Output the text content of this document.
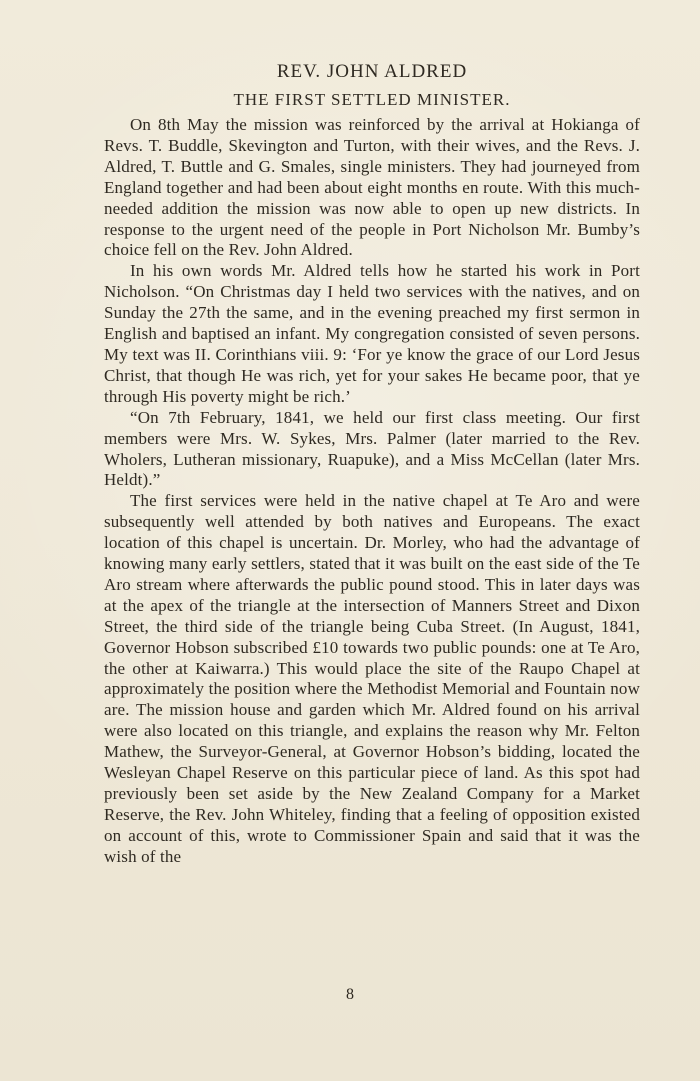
REV. JOHN ALDRED
THE FIRST SETTLED MINISTER.

On 8th May the mission was reinforced by the arrival at Hokianga of Revs. T. Buddle, Skevington and Turton, with their wives, and the Revs. J. Aldred, T. Buttle and G. Smales, single ministers. They had journeyed from England together and had been about eight months en route. With this much-needed addition the mission was now able to open up new districts. In response to the urgent need of the people in Port Nicholson Mr. Bumby’s choice fell on the Rev. John Aldred.

In his own words Mr. Aldred tells how he started his work in Port Nicholson. “On Christmas day I held two services with the natives, and on Sunday the 27th the same, and in the evening preached my first sermon in English and baptised an infant. My congregation consisted of seven persons. My text was II. Corinthians viii. 9: ‘For ye know the grace of our Lord Jesus Christ, that though He was rich, yet for your sakes He became poor, that ye through His poverty might be rich.’

“On 7th February, 1841, we held our first class meeting. Our first members were Mrs. W. Sykes, Mrs. Palmer (later married to the Rev. Wholers, Lutheran missionary, Ruapuke), and a Miss McCellan (later Mrs. Heldt).”

The first services were held in the native chapel at Te Aro and were subsequently well attended by both natives and Europeans. The exact location of this chapel is uncertain. Dr. Morley, who had the advantage of knowing many early settlers, stated that it was built on the east side of the Te Aro stream where afterwards the public pound stood. This in later days was at the apex of the triangle at the intersection of Manners Street and Dixon Street, the third side of the triangle being Cuba Street. (In August, 1841, Governor Hobson subscribed £10 towards two public pounds: one at Te Aro, the other at Kaiwarra.) This would place the site of the Raupo Chapel at approximately the position where the Methodist Memorial and Fountain now are. The mission house and garden which Mr. Aldred found on his arrival were also located on this triangle, and explains the reason why Mr. Felton Mathew, the Surveyor-General, at Governor Hobson’s bidding, located the Wesleyan Chapel Reserve on this particular piece of land. As this spot had previously been set aside by the New Zealand Company for a Market Reserve, the Rev. John Whiteley, finding that a feeling of opposition existed on account of this, wrote to Commissioner Spain and said that it was the wish of the

8
